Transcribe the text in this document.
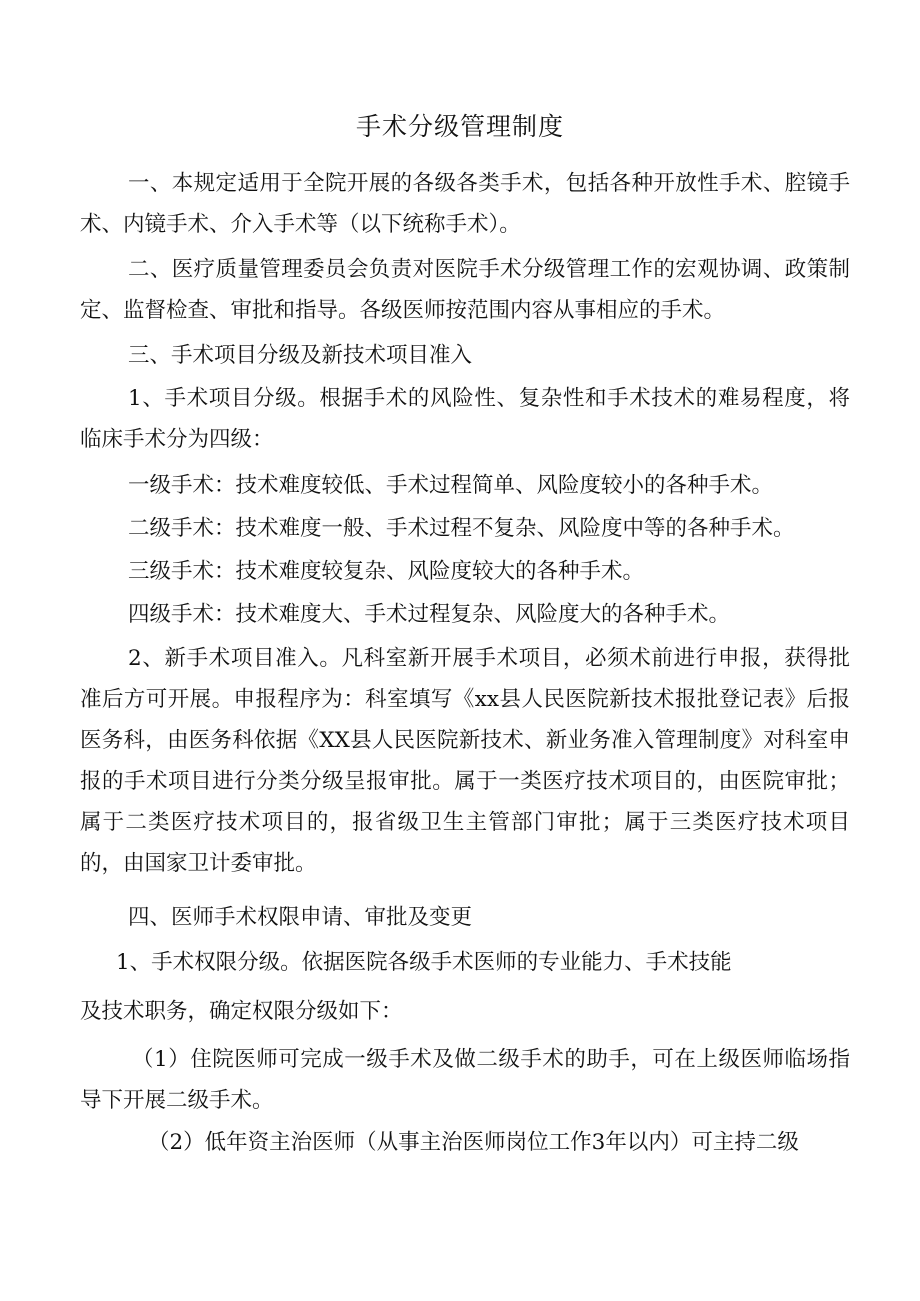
手术分级管理制度

一、本规定适用于全院开展的各级各类手术，包括各种开放性手术、腔镜手术、内镜手术、介入手术等（以下统称手术）。

二、医疗质量管理委员会负责对医院手术分级管理工作的宏观协调、政策制定、监督检查、审批和指导。各级医师按范围内容从事相应的手术。

三、手术项目分级及新技术项目准入

1、手术项目分级。根据手术的风险性、复杂性和手术技术的难易程度，将临床手术分为四级：

一级手术：技术难度较低、手术过程简单、风险度较小的各种手术。

二级手术：技术难度一般、手术过程不复杂、风险度中等的各种手术。

三级手术：技术难度较复杂、风险度较大的各种手术。

四级手术：技术难度大、手术过程复杂、风险度大的各种手术。

2、新手术项目准入。凡科室新开展手术项目，必须术前进行申报，获得批准后方可开展。申报程序为：科室填写《xx县人民医院新技术报批登记表》后报医务科，由医务科依据《XX县人民医院新技术、新业务准入管理制度》对科室申报的手术项目进行分类分级呈报审批。属于一类医疗技术项目的，由医院审批；属于二类医疗技术项目的，报省级卫生主管部门审批；属于三类医疗技术项目的，由国家卫计委审批。

四、医师手术权限申请、审批及变更

1、手术权限分级。依据医院各级手术医师的专业能力、手术技能

及技术职务，确定权限分级如下：

（1）住院医师可完成一级手术及做二级手术的助手，可在上级医师临场指导下开展二级手术。

（2）低年资主治医师（从事主治医师岗位工作3年以内）可主持二级
